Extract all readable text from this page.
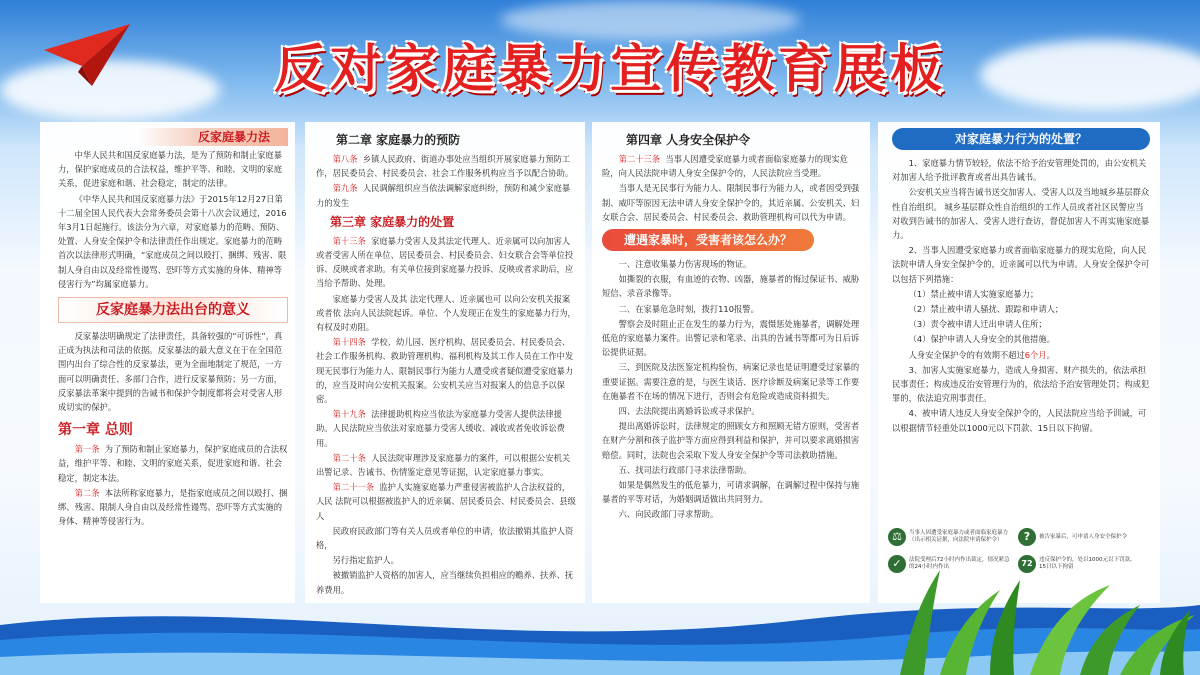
反对家庭暴力宣传教育展板
反家庭暴力法

中华人民共和国反家庭暴力法，是为了预防和制止家庭暴力，保护家庭成员的合法权益，维护平等、和睦、文明的家庭关系，促进家庭和谐、社会稳定，制定的法律。

《中华人民共和国反家庭暴力法》于2015年12月27日第十二届全国人民代表大会常务委员会第十八次会议通过，2016年3月1日起施行。该法分为六章，对家庭暴力的范畴、预防、处置、人身安全保护令和法律责任作出规定。家庭暴力的范畴首次以法律形式明确，“家庭成员之间以殴打、捆绑、残害、限制人身自由以及经常性谩骂、恐吓等方式实施的身体、精神等侵害行为”均属家庭暴力。

反家庭暴力法出台的意义

反家暴法明确规定了法律责任，具备较强的“可诉性”，真正成为执法和司法的依据。反家暴法的最大意义在于在全国范围内出台了综合性的反家暴法，更为全面地制定了规范，一方面可以明确责任、多部门合作，进行反家暴预防；另一方面，反家暴法革案中提到的告诫书和保护令制度都将会对受害人形成切实的保护。

第一章 总则

第一条 为了预防和制止家庭暴力，保护家庭成员的合法权益，维护平等、和睦、文明的家庭关系，促进家庭和谐、社会稳定，制定本法。

第二条 本法所称家庭暴力，是指家庭成员之间以殴打、捆绑、残害、限制人身自由以及经常性谩骂、恐吓等方式实施的身体、精神等侵害行为。

第二章 家庭暴力的预防

第八条 乡镇人民政府、街道办事处应当组织开展家庭暴力预防工作，居民委员会、村民委员会、社会工作服务机构应当予以配合协助。

第九条 人民调解组织应当依法调解家庭纠纷，预防和减少家庭暴力的发生

第三章 家庭暴力的处置

第十三条 家庭暴力受害人及其法定代理人、近亲属可以向加害人或者受害人所在单位、居民委员会、村民委员会、妇女联合会等单位投诉、反映或者求助。有关单位接到家庭暴力投诉、反映或者求助后，应当给予帮助、处理。

家庭暴力受害人及其 法定代理人、近亲属也可 以向公安机关报案或者依 法向人民法院起诉。单位、个人发现正在发生的家庭暴力行为，有权及时劝阻。

第十四条 学校、幼儿园、医疗机构、居民委员会、村民委员会、社会工作服务机构、救助管理机构、福利机构及其工作人员在工作中发现无民事行为能力人、限制民事行为能力人遭受或者疑似遭受家庭暴力的，应当及时向公安机关报案。公安机关应当对报案人的信息予以保密。

第十九条 法律援助机构应当依法为家庭暴力受害人提供法律援助。人民法院应当依法对家庭暴力受害人缓收、减收或者免收诉讼费用。

第二十条 人民法院审理涉及家庭暴力的案件，可以根据公安机关出警记录、告诫书、伤情鉴定意见等证据，认定家庭暴力事实。

第二十一条 监护人实施家庭暴力严重侵害被监护人合法权益的，人民 法院可以根据被监护人的近亲属、居民委员会、村民委员会、县级人

民政府民政部门等有关人员或者单位的申请，依法撤销其监护人资格，

另行指定监护人。

被撤销监护人资格的加害人，应当继续负担相应的赡养、扶养、抚养费用。

第四章 人身安全保护令

第二十三条 当事人因遭受家庭暴力或者面临家庭暴力的现实危险，向人民法院申请人身安全保护令的，人民法院应当受理。

当事人是无民事行为能力人、限制民事行为能力人，或者因受到强制、威吓等原因无法申请人身安全保护令的，其近亲属、公安机关、妇女联合会、居民委员会、村民委员会、救助管理机构可以代为申请。

遭遇家暴时，受害者该怎么办？

一、注意收集暴力伤害现场的物证。

如撕裂的衣服，有血迹的衣物、凶器，施暴者的悔过保证书、威胁短信、录音录像等。

二、在家暴危急时刻，拨打110报警。

警察会及时阻止正在发生的暴力行为，震慑惩处施暴者，调解处理低危的家庭暴力案件。出警记录和笔录、出具的告诫书等都可为日后诉讼提供证据。

三、到医院及法医鉴定机构验伤，病案记录也是证明遭受过家暴的重要证据。需要注意的是，与医生谈话、医疗诊断及病案记录等工作要在施暴者不在场的情况下进行，否则会有危险或造成资料损失。

四、去法院提出离婚诉讼或寻求保护。

提出离婚诉讼时，法律规定的照顾女方和照顾无错方原则，受害者在财产分割和孩子监护等方面应得到利益和保护，并可以要求离婚损害赔偿。同时，法院也会采取下发人身安全保护令等司法救助措施。

五、找司法行政部门寻求法律帮助。

如果是偶然发生的低危暴力，可请求调解，在调解过程中保持与施暴者的平等对话，为婚姻调适做出共同努力。

六、向民政部门寻求帮助。

对家庭暴力行为的处置？

1、家庭暴力情节较轻，依法不给予治安管理处罚的，由公安机关对加害人给予批评教育或者出具告诫书。

公安机关应当将告诫书送交加害人、受害人以及当地城乡基层群众性自治组织。 城乡基层群众性自治组织的工作人员或者社区民警应当对收到告诫书的加害人、受害人进行查访，督促加害人不再实施家庭暴力。

2、当事人因遭受家庭暴力或者面临家庭暴力的现实危险，向人民法院申请人身安全保护令的，近亲属可以代为申请。人身安全保护令可以包括下列措施：

（1）禁止被申请人实施家庭暴力；

（2）禁止被申请人骚扰、跟踪和申请人；

（3）责令被申请人迁出申请人住所；

（4）保护申请人人身安全的其他措施。

人身安全保护令的有效期不超过6个月。

3、加害人实施家庭暴力，造成人身损害、财产损失的，依法承担民事责任；构成违反治安管理行为的，依法给予治安管理处罚；构成犯罪的，依法追究刑事责任。

4、被申请人违反人身安全保护令的，人民法院应当给予训诫，可以根据情节轻重处以1000元以下罚款、15日以下拘留。

⚖	当事人因遭受家庭暴力或者面临家庭暴力（出示相关证据，向法院申请保护令）	?	被告家暴后，可申请人身安全保护令
✓	法院受理后72小时内作出裁定，情况紧急的24小时内作出	72	违反保护令的，处以1000元以下罚款、15日以下拘留
